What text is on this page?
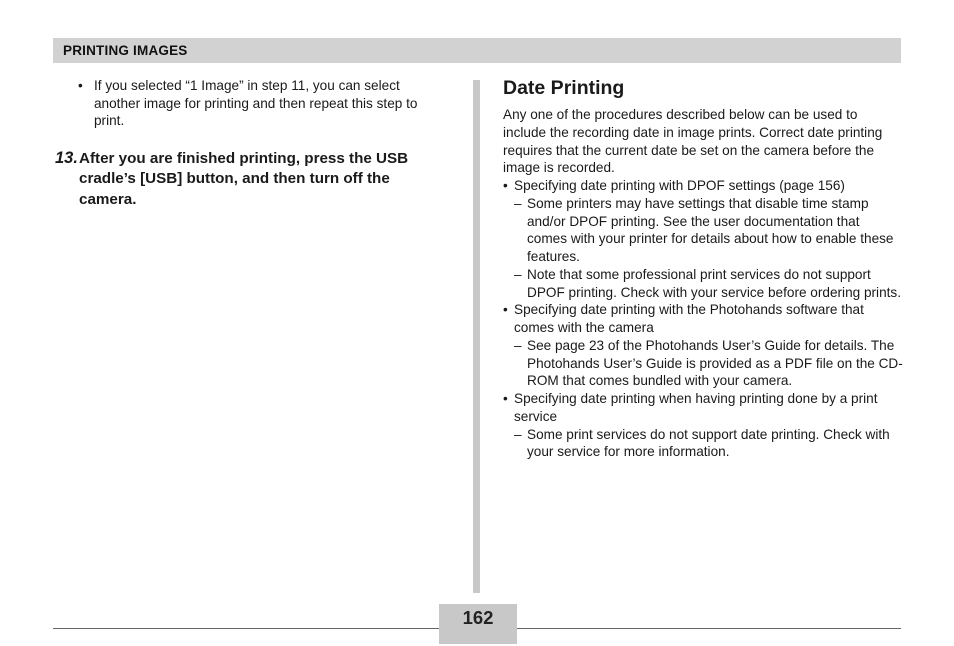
PRINTING IMAGES
• If you selected “1 Image” in step 11, you can select another image for printing and then repeat this step to print.
13. After you are finished printing, press the USB cradle’s [USB] button, and then turn off the camera.
Date Printing

Any one of the procedures described below can be used to include the recording date in image prints. Correct date printing requires that the current date be set on the camera before the image is recorded.

• Specifying date printing with DPOF settings (page 156)
– Some printers may have settings that disable time stamp and/or DPOF printing. See the user documentation that comes with your printer for details about how to enable these features.
– Note that some professional print services do not support DPOF printing. Check with your service before ordering prints.
• Specifying date printing with the Photohands software that comes with the camera
– See page 23 of the Photohands User’s Guide for details. The Photohands User’s Guide is provided as a PDF file on the CD-ROM that comes bundled with your camera.
• Specifying date printing when having printing done by a print service
– Some print services do not support date printing. Check with your service for more information.
162
